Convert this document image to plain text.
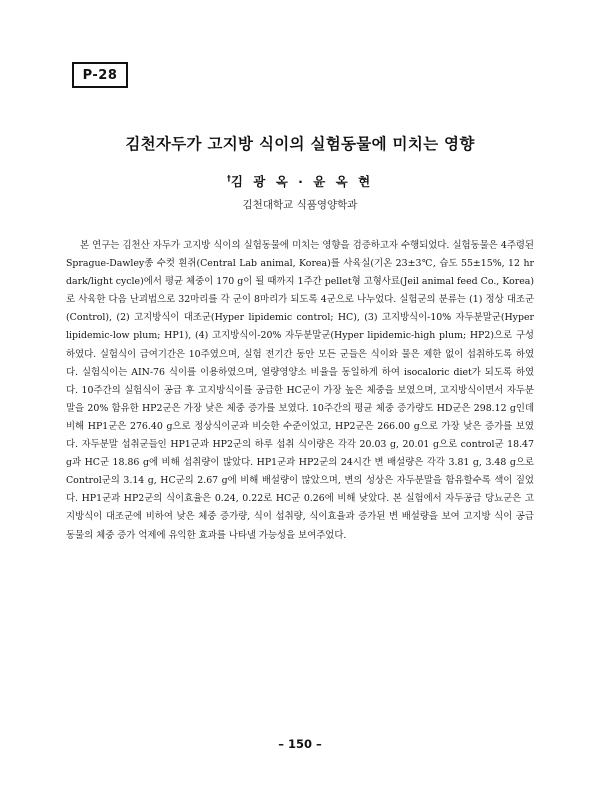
P-28
김천자두가 고지방 식이의 실험동물에 미치는 영향
†김 광 옥 · 윤 옥 현
김천대학교 식품영양학과

본 연구는 김천산 자두가 고지방 식이의 실험동물에 미치는 영향을 검증하고자 수행되었다. 실험동물은 4주령된 Sprague-Dawley종 수컷 흰쥐(Central Lab animal, Korea)를 사육실(기온 23±3℃, 습도 55±15%, 12 hr dark/light cycle)에서 평균 체중이 170 g이 될 때까지 1주간 pellet형 고형사료(Jeil animal feed Co., Korea)로 사육한 다음 난괴법으로 32마리를 각 군이 8마리가 되도록 4군으로 나누었다. 실험군의 분류는 (1) 정상 대조군(Control), (2) 고지방식이 대조군(Hyper lipidemic control; HC), (3) 고지방식이-10% 자두분말군(Hyper lipidemic-low plum; HP1), (4) 고지방식이-20% 자두분말군(Hyper lipidemic-high plum; HP2)으로 구성하였다. 실험식이 급여기간은 10주였으며, 실험 전기간 동안 모든 군들은 식이와 물은 제한 없이 섭취하도록 하였다. 실험식이는 AIN-76 식이를 이용하였으며, 열량영양소 비율을 동일하게 하여 isocaloric diet가 되도록 하였다. 10주간의 실험식이 공급 후 고지방식이를 공급한 HC군이 가장 높은 체중을 보였으며, 고지방식이면서 자두분말을 20% 함유한 HP2군은 가장 낮은 체중 증가를 보였다. 10주간의 평균 체중 증가량도 HD군은 298.12 g인데 비해 HP1군은 276.40 g으로 정상식이군과 비슷한 수준이었고, HP2군은 266.00 g으로 가장 낮은 증가를 보였다. 자두분말 섭취군들인 HP1군과 HP2군의 하루 섭취 식이량은 각각 20.03 g, 20.01 g으로 control군 18.47 g과 HC군 18.86 g에 비해 섭취량이 많았다. HP1군과 HP2군의 24시간 변 배설량은 각각 3.81 g, 3.48 g으로 Control군의 3.14 g, HC군의 2.67 g에 비해 배설량이 많았으며, 변의 성상은 자두분말을 함유할수록 색이 짙었다. HP1군과 HP2군의 식이효율은 0.24, 0.22로 HC군 0.26에 비해 낮았다. 본 실험에서 자두공급 당뇨군은 고지방식이 대조군에 비하여 낮은 체중 증가량, 식이 섭취량, 식이효율과 증가된 변 배설량을 보여 고지방 식이 공급 동물의 체중 증가 억제에 유익한 효과를 나타낼 가능성을 보여주었다.

– 150 –
